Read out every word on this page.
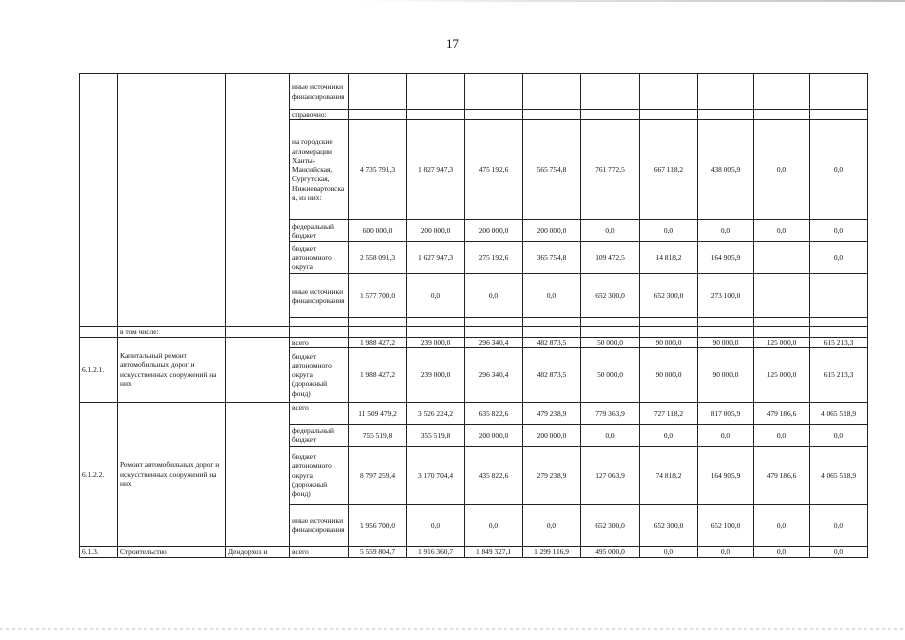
17
			иные источники финансирования									
			справочно:									
			на городские агломерации Ханты-Мансийская, Сургутская, Нижневартовская, из них:	4 735 791,3	1 827 947,3	475 192,6	565 754,8	761 772,5	667 118,2	438 005,9	0,0	0,0
			федеральный бюджет	600 000,0	200 000,0	200 000,0	200 000,0	0,0	0,0	0,0	0,0	0,0
			бюджет автономного округа	2 558 091,3	1 627 947,3	275 192,6	365 754,8	109 472,5	14 818,2	164 905,9		0,0
			иные источники финансирования	1 577 700,0	0,0	0,0	0,0	652 300,0	652 300,0	273 100,0		

	в том числе:											
6.1.2.1.	Капитальный ремонт автомобильных дорог и искусственных сооружений на них		всего	1 988 427,2	239 000,0	296 340,4	482 873,5	50 000,0	90 000,0	90 000,0	125 000,0	615 213,3
			бюджет автономного округа (дорожный фонд)	1 988 427,2	239 000,0	296 340,4	482 873,5	50 000,0	90 000,0	90 000,0	125 000,0	615 213,3
6.1.2.2.	Ремонт автомобильных дорог и искусственных сооружений на них		всего	11 509 479,2	3 526 224,2	635 822,6	479 238,9	779 363,9	727 118,2	817 005,9	479 186,6	4 065 518,9
			федеральный бюджет	755 519,8	355 519,8	200 000,0	200 000,0	0,0	0,0	0,0	0,0	0,0
			бюджет автономного округа (дорожный фонд)	8 797 259,4	3 170 704,4	435 822,6	279 238,9	127 063,9	74 818,2	164 905,9	479 186,6	4 065 518,9
			иные источники финансирования	1 956 700,0	0,0	0,0	0,0	652 300,0	652 300,0	652 100,0	0,0	0,0
6.1.3.	Строительство	Дендорхоз и	всего	5 559 804,7	1 916 360,7	1 849 327,1	1 299 116,9	495 000,0	0,0	0,0	0,0	0,0
